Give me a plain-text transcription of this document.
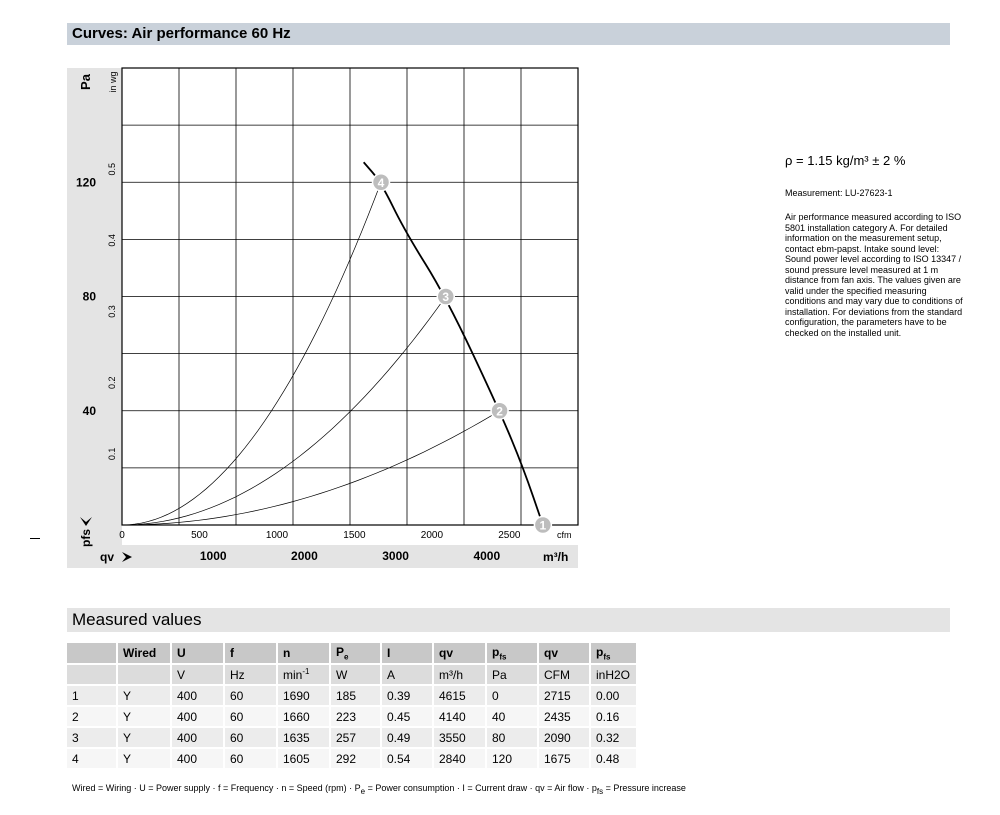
Curves: Air performance 60 Hz
1
2
3
4
40
80
120
0.1
0.2
0.3
0.4
0.5
1000	2000	3000	4000
0	500	1000	1500	2000	2500
Pa in wg
pfs
qv	m³/h
cfm
ρ = 1.15 kg/m³ ± 2 %
Measurement: LU-27623-1
Air performance measured according to ISO
5801 installation category A. For detailed
information on the measurement setup,
contact ebm-papst. Intake sound level:
Sound power level according to ISO 13347 /
sound pressure level measured at 1 m
distance from fan axis. The values given are
valid under the specified measuring
conditions and may vary due to conditions of
installation. For deviations from the standard
configuration, the parameters have to be
checked on the installed unit.
Measured values
	Wired	U	f	n	$P_e$	I	qv	$p_{fs}$	qv	$p_{fs}$
		V	Hz	$\min^{-1}$	W	A	m³/h	Pa	CFM	inH2O
1	Y	400	60	1690	185	0.39	4615	0	2715	0.00
2	Y	400	60	1660	223	0.45	4140	40	2435	0.16
3	Y	400	60	1635	257	0.49	3550	80	2090	0.32
4	Y	400	60	1605	292	0.54	2840	120	1675	0.48
Wired = Wiring · U = Power supply · f = Frequency · n = Speed $(rpm) \cdot P_e$ = Power consumption · I = Current draw · qv = Air flow · $p_{fs}$ = Pressure increase
